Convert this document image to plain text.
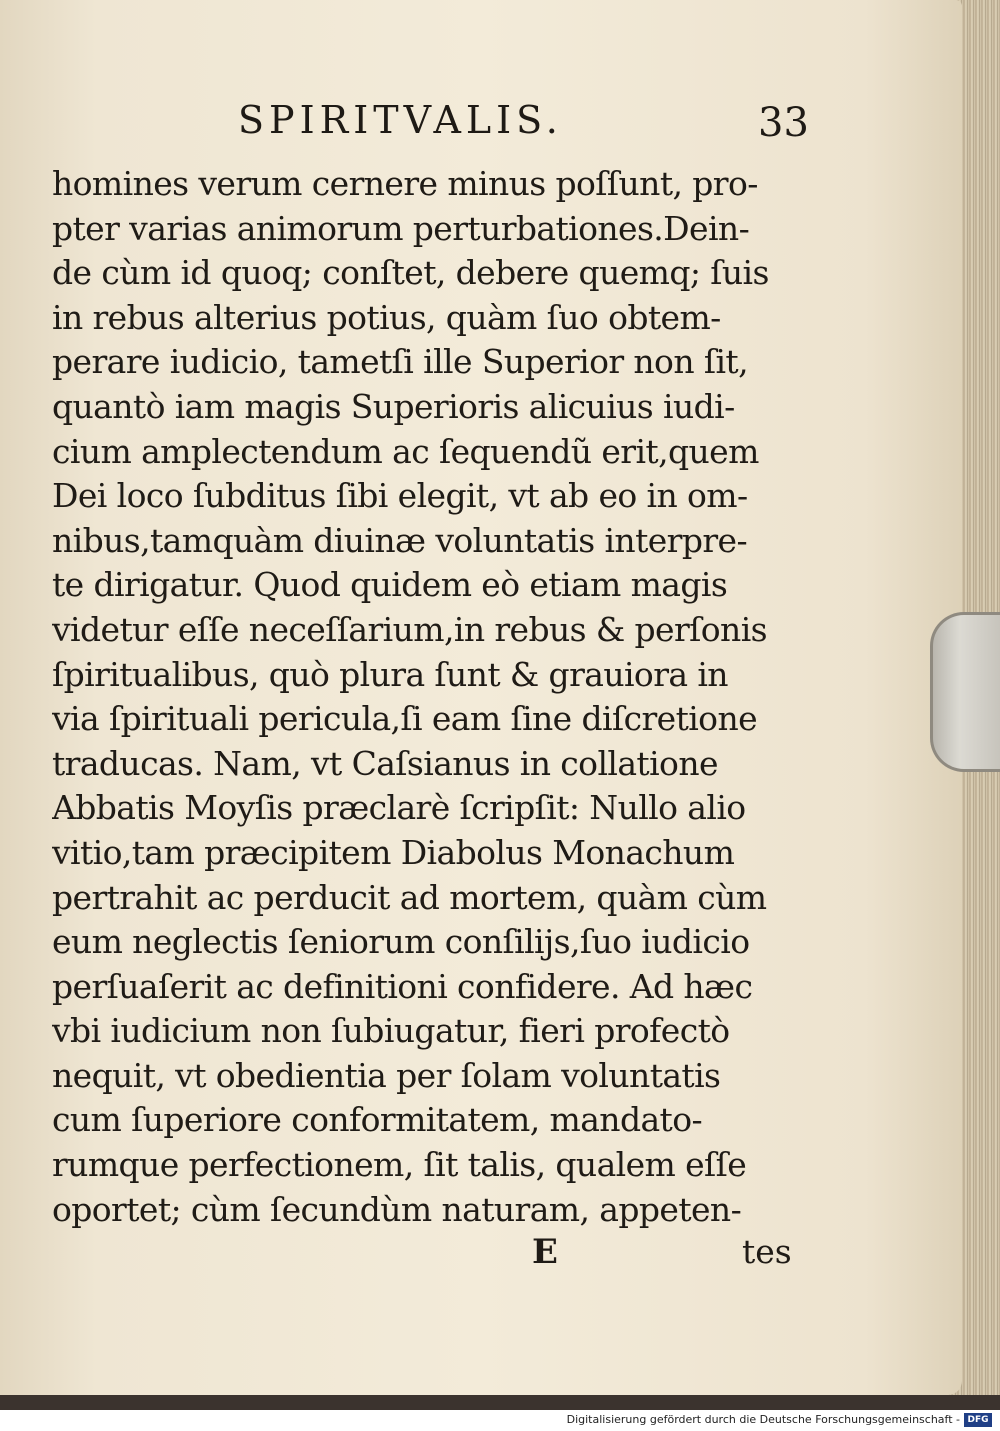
SPIRITVALIS.	33
homines verum cernere minus poſſunt, pro-
pter varias animorum perturbationes.Dein-
de cùm id quoq; conſtet, debere quemq; ſuis
in rebus alterius potius, quàm ſuo obtem-
perare iudicio, tametſi ille Superior non ſit,
quantò iam magis Superioris alicuius iudi-
cium amplectendum ac ſequendũ erit,quem
Dei loco ſubditus ſibi elegit, vt ab eo in om-
nibus,tamquàm diuinæ voluntatis interpre-
te dirigatur. Quod quidem eò etiam magis
videtur eſſe neceſſarium,in rebus & perſonis
ſpiritualibus, quò plura ſunt & grauiora in
via ſpirituali pericula,ſi eam ſine diſcretione
traducas. Nam, vt Caſsianus in collatione
Abbatis Moyſis præclarè ſcripſit: Nullo alio
vitio,tam præcipitem Diabolus Monachum
pertrahit ac perducit ad mortem, quàm cùm
eum neglectis ſeniorum conſilijs,ſuo iudicio
perſuaſerit ac definitioni confidere. Ad hæc
vbi iudicium non ſubiugatur, fieri profectò
nequit, vt obedientia per ſolam voluntatis
cum ſuperiore conformitatem, mandato-
rumque perfectionem, ſit talis, qualem eſſe
oportet; cùm ſecundùm naturam, appeten-
E	tes
Digitalisierung gefördert durch die Deutsche Forschungsgemeinschaft - DFG
